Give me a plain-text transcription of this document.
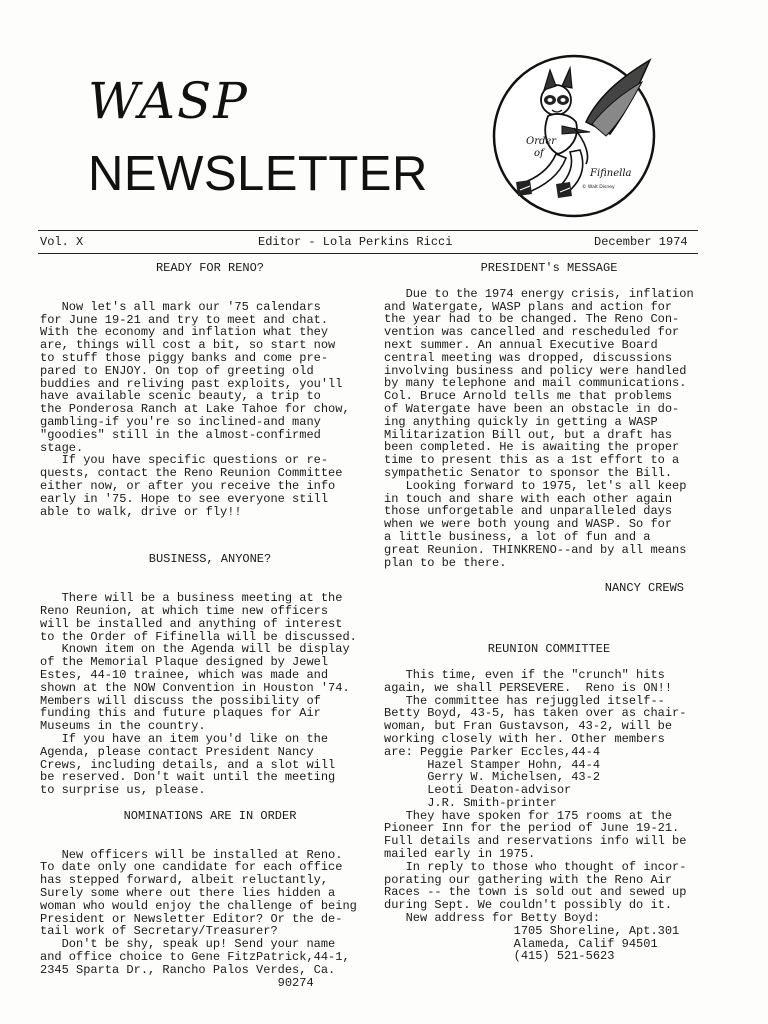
WASP
NEWSLETTER
Order
of
Fifinella
© Walt Disney
Vol. X	Editor - Lola Perkins Ricci	December 1974
READY FOR RENO?
Now let's all mark our '75 calendars
for June 19-21 and try to meet and chat.
With the economy and inflation what they
are, things will cost a bit, so start now
to stuff those piggy banks and come pre-
pared to ENJOY. On top of greeting old
buddies and reliving past exploits, you'll
have available scenic beauty, a trip to
the Ponderosa Ranch at Lake Tahoe for chow,
gambling-if you're so inclined-and many
"goodies" still in the almost-confirmed
stage.
If you have specific questions or re-
quests, contact the Reno Reunion Committee
either now, or after you receive the info
early in '75. Hope to see everyone still
able to walk, drive or fly!!
BUSINESS, ANYONE?
There will be a business meeting at the
Reno Reunion, at which time new officers
will be installed and anything of interest
to the Order of Fifinella will be discussed.
Known item on the Agenda will be display
of the Memorial Plaque designed by Jewel
Estes, 44-10 trainee, which was made and
shown at the NOW Convention in Houston '74.
Members will discuss the possibility of
funding this and future plaques for Air
Museums in the country.
If you have an item you'd like on the
Agenda, please contact President Nancy
Crews, including details, and a slot will
be reserved. Don't wait until the meeting
to surprise us, please.
NOMINATIONS ARE IN ORDER
New officers will be installed at Reno.
To date only one candidate for each office
has stepped forward, albeit reluctantly,
Surely some where out there lies hidden a
woman who would enjoy the challenge of being
President or Newsletter Editor? Or the de-
tail work of Secretary/Treasurer?
Don't be shy, speak up! Send your name
and office choice to Gene FitzPatrick,44-1,
2345 Sparta Dr., Rancho Palos Verdes, Ca.
90274
PRESIDENT's MESSAGE
Due to the 1974 energy crisis, inflation
and Watergate, WASP plans and action for
the year had to be changed. The Reno Con-
vention was cancelled and rescheduled for
next summer. An annual Executive Board
central meeting was dropped, discussions
involving business and policy were handled
by many telephone and mail communications.
Col. Bruce Arnold tells me that problems
of Watergate have been an obstacle in do-
ing anything quickly in getting a WASP
Militarization Bill out, but a draft has
been completed. He is awaiting the proper
time to present this as a 1st effort to a
sympathetic Senator to sponsor the Bill.
Looking forward to 1975, let's all keep
in touch and share with each other again
those unforgetable and unparalleled days
when we were both young and WASP. So for
a little business, a lot of fun and a
great Reunion. THINKRENO--and by all means
plan to be there.
NANCY CREWS
REUNION COMMITTEE
This time, even if the "crunch" hits
again, we shall PERSEVERE.  Reno is ON!!
The committee has rejuggled itself--
Betty Boyd, 43-5, has taken over as chair-
woman, but Fran Gustavson, 43-2, will be
working closely with her. Other members
are: Peggie Parker Eccles,44-4
Hazel Stamper Hohn, 44-4
Gerry W. Michelsen, 43-2
Leoti Deaton-advisor
J.R. Smith-printer
They have spoken for 175 rooms at the
Pioneer Inn for the period of June 19-21.
Full details and reservations info will be
mailed early in 1975.
In reply to those who thought of incor-
porating our gathering with the Reno Air
Races -- the town is sold out and sewed up
during Sept. We couldn't possibly do it.
New address for Betty Boyd:
1705 Shoreline, Apt.301
Alameda, Calif 94501
(415) 521-5623
